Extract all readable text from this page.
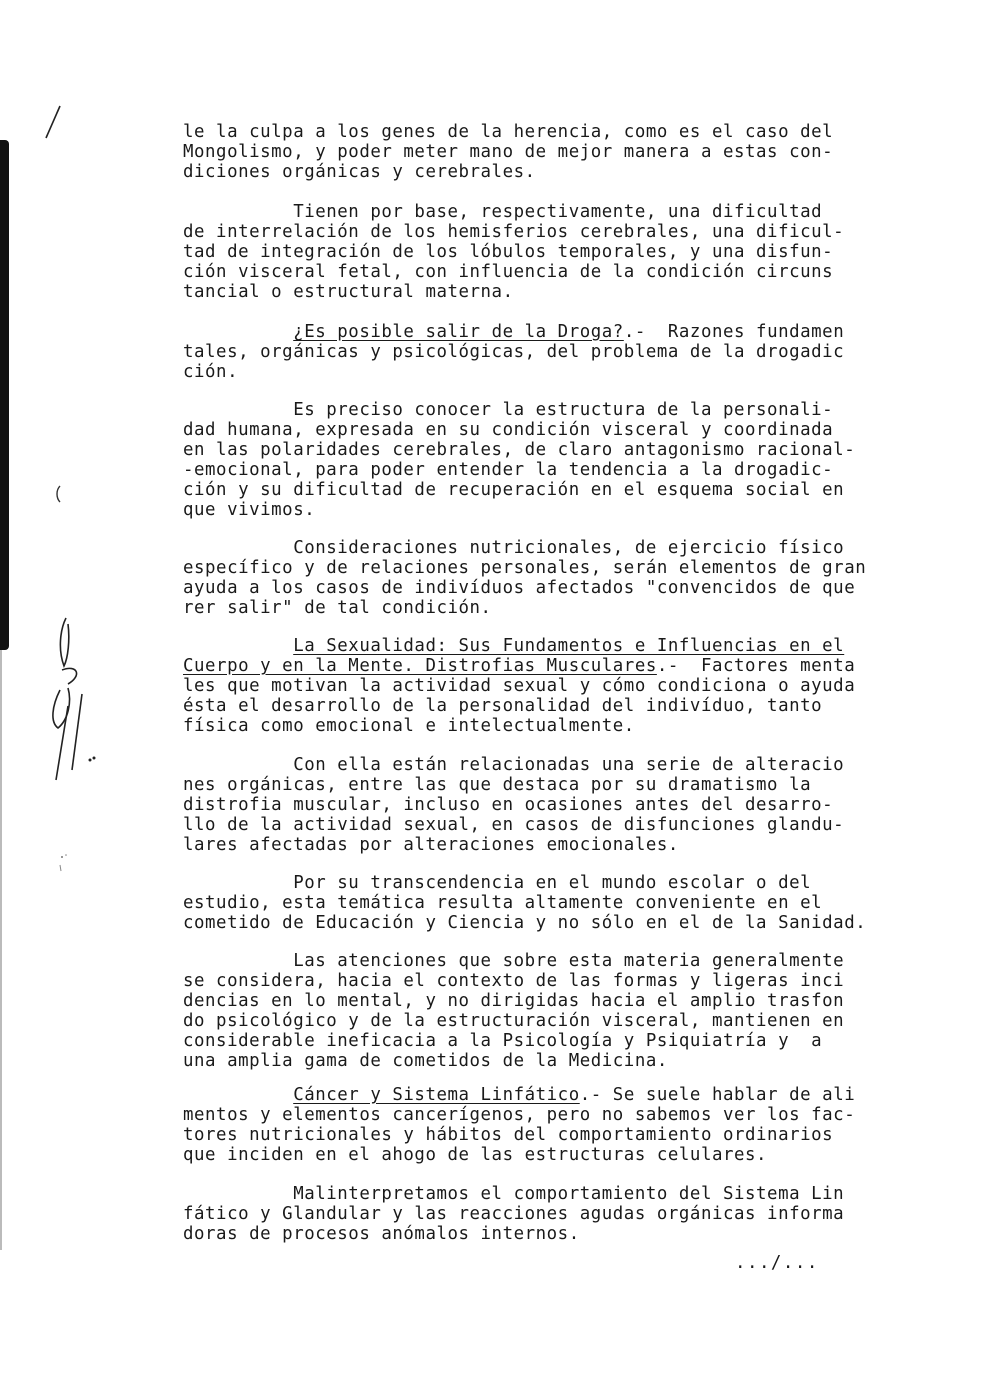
le la culpa a los genes de la herencia, como es el caso del
Mongolismo, y poder meter mano de mejor manera a estas con-
diciones orgánicas y cerebrales.
Tienen por base, respectivamente, una dificultad
de interrelación de los hemisferios cerebrales, una dificul-
tad de integración de los lóbulos temporales, y una disfun-
ción visceral fetal, con influencia de la condición circuns
tancial o estructural materna.
¿Es posible salir de la Droga?.-  Razones fundamen
tales, orgánicas y psicológicas, del problema de la drogadic
ción.
Es preciso conocer la estructura de la personali-
dad humana, expresada en su condición visceral y coordinada
en las polaridades cerebrales, de claro antagonismo racional-
-emocional, para poder entender la tendencia a la drogadic-
ción y su dificultad de recuperación en el esquema social en
que vivimos.
Consideraciones nutricionales, de ejercicio físico
específico y de relaciones personales, serán elementos de gran
ayuda a los casos de indivíduos afectados "convencidos de que
rer salir" de tal condición.
La Sexualidad: Sus Fundamentos e Influencias en el
Cuerpo y en la Mente. Distrofias Musculares.-  Factores menta
les que motivan la actividad sexual y cómo condiciona o ayuda
ésta el desarrollo de la personalidad del indivíduo, tanto
física como emocional e intelectualmente.
Con ella están relacionadas una serie de alteracio
nes orgánicas, entre las que destaca por su dramatismo la
distrofia muscular, incluso en ocasiones antes del desarro-
llo de la actividad sexual, en casos de disfunciones glandu-
lares afectadas por alteraciones emocionales.
Por su transcendencia en el mundo escolar o del
estudio, esta temática resulta altamente conveniente en el
cometido de Educación y Ciencia y no sólo en el de la Sanidad.
Las atenciones que sobre esta materia generalmente
se considera, hacia el contexto de las formas y ligeras inci
dencias en lo mental, y no dirigidas hacia el amplio trasfon
do psicológico y de la estructuración visceral, mantienen en
considerable ineficacia a la Psicología y Psiquiatría y  a
una amplia gama de cometidos de la Medicina.
Cáncer y Sistema Linfático.- Se suele hablar de ali
mentos y elementos cancerígenos, pero no sabemos ver los fac-
tores nutricionales y hábitos del comportamiento ordinarios
que inciden en el ahogo de las estructuras celulares.
Malinterpretamos el comportamiento del Sistema Lin
fático y Glandular y las reacciones agudas orgánicas informa
doras de procesos anómalos internos.
.../...
